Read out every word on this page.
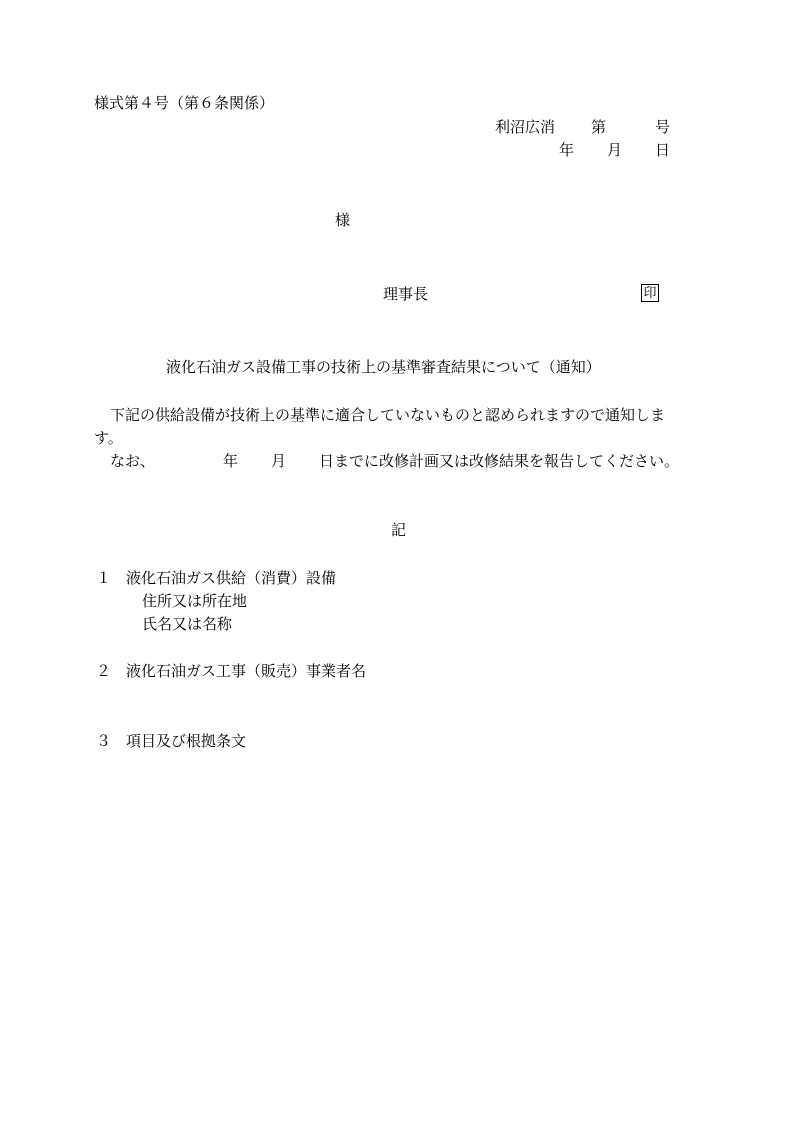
様式第４号（第６条関係）
利沼広消 第	号
年 月 日
様
理事長	印
液化石油ガス設備工事の技術上の基準審査結果について（通知）
下記の供給設備が技術上の基準に適合していないものと認められますので通知しま
す。
なお、	年 月 日までに改修計画又は改修結果を報告してください。
記
１ 液化石油ガス供給（消費）設備
住所又は所在地
氏名又は名称
２ 液化石油ガス工事（販売）事業者名
３ 項目及び根拠条文
